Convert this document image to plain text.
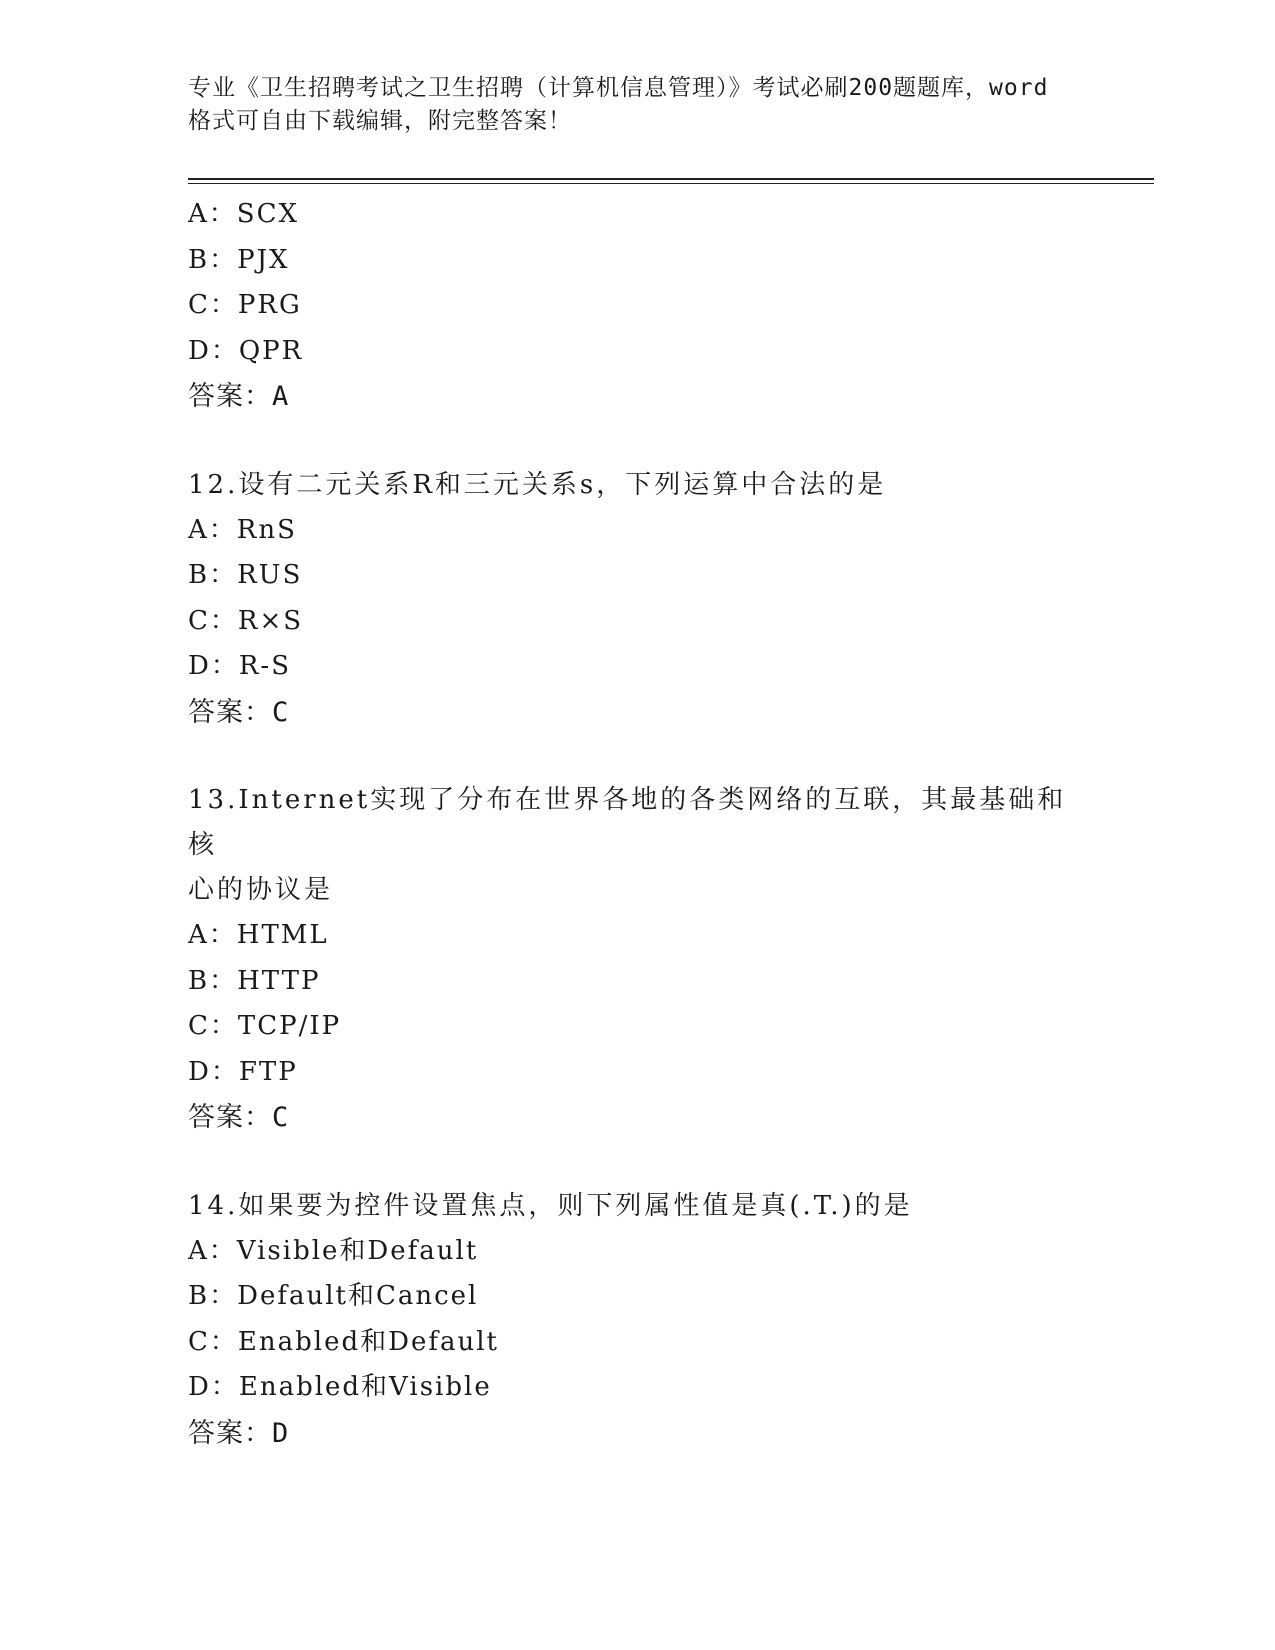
专业《卫生招聘考试之卫生招聘（计算机信息管理）》考试必刷200题题库，word
格式可自由下载编辑，附完整答案！
A：SCX
B：PJX
C：PRG
D：QPR
答案：A
12.设有二元关系R和三元关系s，下列运算中合法的是
A：RnS
B：RUS
C：R×S
D：R-S
答案：C
13.Internet实现了分布在世界各地的各类网络的互联，其最基础和核
心的协议是
A：HTML
B：HTTP
C：TCP/IP
D：FTP
答案：C
14.如果要为控件设置焦点，则下列属性值是真(.T.)的是
A：Visible和Default
B：Default和Cancel
C：Enabled和Default
D：Enabled和Visible
答案：D
